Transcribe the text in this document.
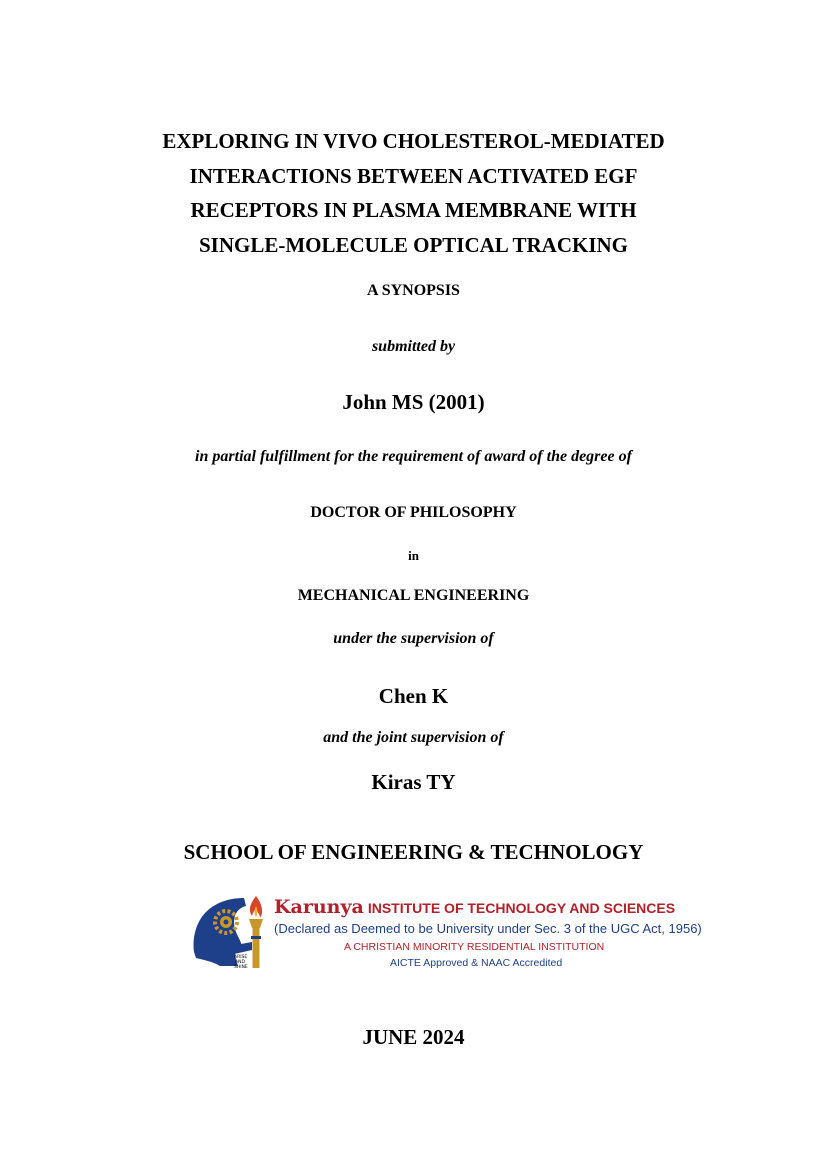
EXPLORING IN VIVO CHOLESTEROL-MEDIATED
INTERACTIONS BETWEEN ACTIVATED EGF
RECEPTORS IN PLASMA MEMBRANE WITH
SINGLE-MOLECULE OPTICAL TRACKING
A SYNOPSIS
submitted by
John MS (2001)
in partial fulfillment for the requirement of award of the degree of
DOCTOR OF PHILOSOPHY
in
MECHANICAL ENGINEERING
under the supervision of
Chen K
and the joint supervision of
Kiras TY
SCHOOL OF ENGINEERING & TECHNOLOGY
ARISE
AND
SHINE
Karunya INSTITUTE OF TECHNOLOGY AND SCIENCES
(Declared as Deemed to be University under Sec. 3 of the UGC Act, 1956)
A CHRISTIAN MINORITY RESIDENTIAL INSTITUTION
AICTE Approved & NAAC Accredited
JUNE 2024
